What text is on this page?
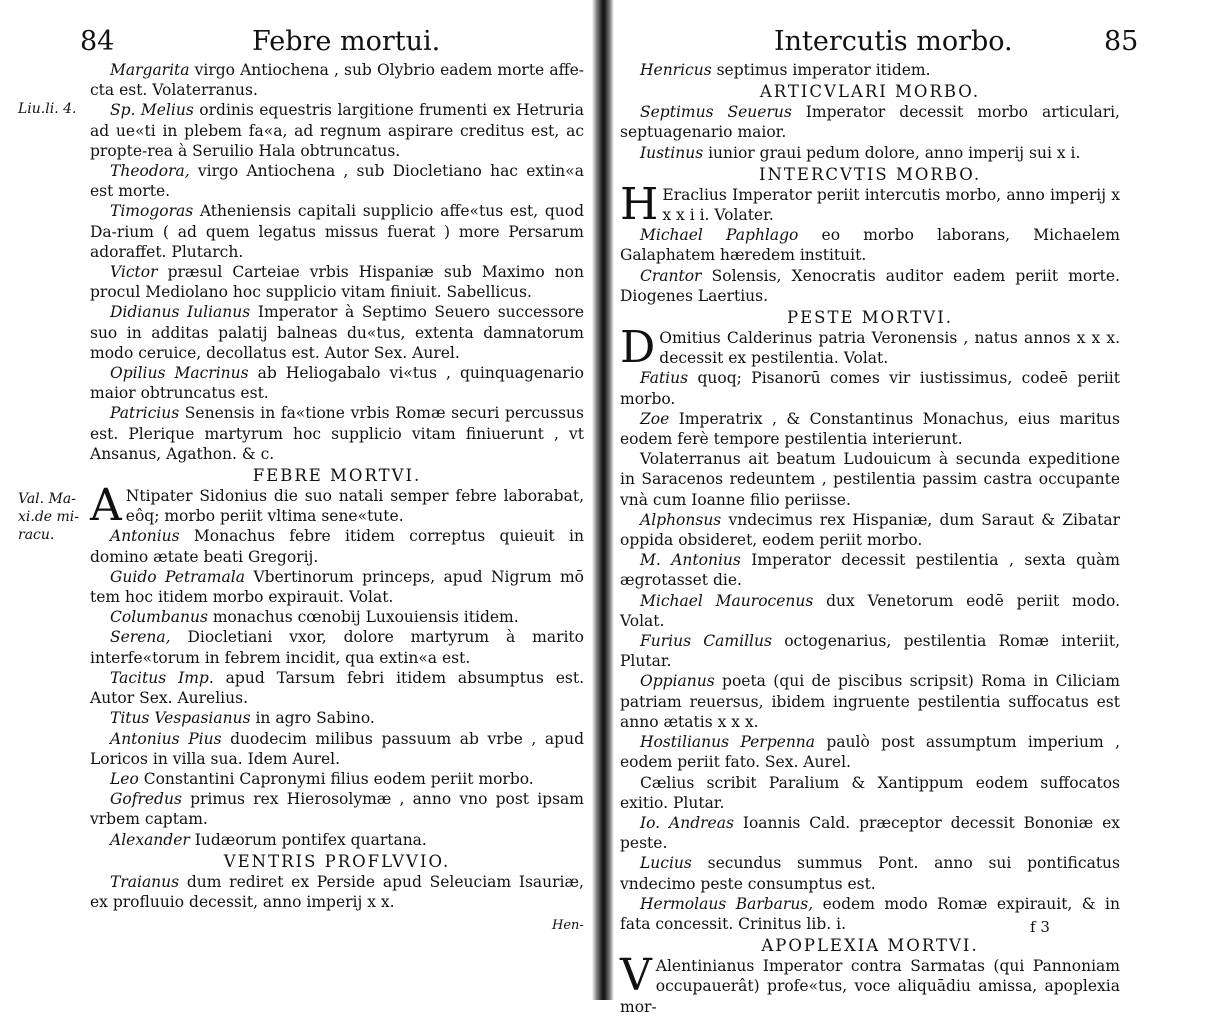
84	Febre mortui.
Liu.li. 4.
Val. Ma-xi.de mi-racu.

Margarita virgo Antiochena , sub Olybrio eadem morte affe-cta est. Volaterranus.

Sp. Melius ordinis equestris largitione frumenti ex Hetruria ad ue«ti in plebem fa«a, ad regnum aspirare creditus est, ac propte-rea à Seruilio Hala obtruncatus.

Theodora, virgo Antiochena , sub Diocletiano hac extin«a est morte.

Timogoras Atheniensis capitali supplicio affe«tus est, quod Da-rium ( ad quem legatus missus fuerat ) more Persarum adoraffet. Plutarch.

Victor præsul Carteiae vrbis Hispaniæ sub Maximo non procul Mediolano hoc supplicio vitam finiuit. Sabellicus.

Didianus Iulianus Imperator à Septimo Seuero successore suo in additas palatij balneas du«tus, extenta damnatorum modo ceruice, decollatus est. Autor Sex. Aurel.

Opilius Macrinus ab Heliogabalo vi«tus , quinquagenario maior obtruncatus est.

Patricius Senensis in fa«tione vrbis Romæ securi percussus est. Plerique martyrum hoc supplicio vitam finiuerunt , vt Ansanus, Agathon. & c.

FEBRE MORTVI.

A Ntipater Sidonius die suo natali semper febre laborabat, eôq; morbo periit vltima sene«tute.

Antonius Monachus febre itidem correptus quieuit in domino ætate beati Gregorij.

Guido Petramala Vbertinorum princeps, apud Nigrum mō tem hoc itidem morbo expirauit. Volat.

Columbanus monachus cœnobij Luxouiensis itidem.

Serena, Diocletiani vxor, dolore martyrum à marito interfe«torum in febrem incidit, qua extin«a est.

Tacitus Imp. apud Tarsum febri itidem absumptus est. Autor Sex. Aurelius.

Titus Vespasianus in agro Sabino.

Antonius Pius duodecim milibus passuum ab vrbe , apud Loricos in villa sua. Idem Aurel.

Leo Constantini Capronymi filius eodem periit morbo.

Gofredus primus rex Hierosolymæ , anno vno post ipsam vrbem captam.

Alexander Iudæorum pontifex quartana.

VENTRIS PROFLVVIO.

Traianus dum rediret ex Perside apud Seleuciam Isauriæ, ex profluuio decessit, anno imperij x x.

Hen-
Intercutis morbo.	85

Henricus septimus imperator itidem.

ARTICVLARI MORBO.

Septimus Seuerus Imperator decessit morbo articulari, septuagenario maior.

Iustinus iunior graui pedum dolore, anno imperij sui x i.

INTERCVTIS MORBO.

H Eraclius Imperator periit intercutis morbo, anno imperij x x x i i. Volater.

Michael Paphlago eo morbo laborans, Michaelem Galaphatem hæredem instituit.

Crantor Solensis, Xenocratis auditor eadem periit morte. Diogenes Laertius.

PESTE MORTVI.

D Omitius Calderinus patria Veronensis , natus annos x x x. decessit ex pestilentia. Volat.

Fatius quoq; Pisanorū comes vir iustissimus, codeē periit morbo.

Zoe Imperatrix , & Constantinus Monachus, eius maritus eodem ferè tempore pestilentia interierunt.

Volaterranus ait beatum Ludouicum à secunda expeditione in Saracenos redeuntem , pestilentia passim castra occupante vnà cum Ioanne filio periisse.

Alphonsus vndecimus rex Hispaniæ, dum Saraut & Zibatar oppida obsideret, eodem periit morbo.

M. Antonius Imperator decessit pestilentia , sexta quàm ægrotasset die.

Michael Maurocenus dux Venetorum eodē periit modo. Volat.

Furius Camillus octogenarius, pestilentia Romæ interiit, Plutar.

Oppianus poeta (qui de piscibus scripsit) Roma in Ciliciam patriam reuersus, ibidem ingruente pestilentia suffocatus est anno ætatis x x x.

Hostilianus Perpenna paulò post assumptum imperium , eodem periit fato. Sex. Aurel.

Cælius scribit Paralium & Xantippum eodem suffocatos exitio. Plutar.

Io. Andreas Ioannis Cald. præceptor decessit Bononiæ ex peste.

Lucius secundus summus Pont. anno sui pontificatus vndecimo peste consumptus est.

Hermolaus Barbarus, eodem modo Romæ expirauit, & in fata concessit. Crinitus lib. i.

APOPLEXIA MORTVI.

V Alentinianus Imperator contra Sarmatas (qui Pannoniam occupauerât) profe«tus, voce aliquādiu amissa, apoplexia mor-

f 3
